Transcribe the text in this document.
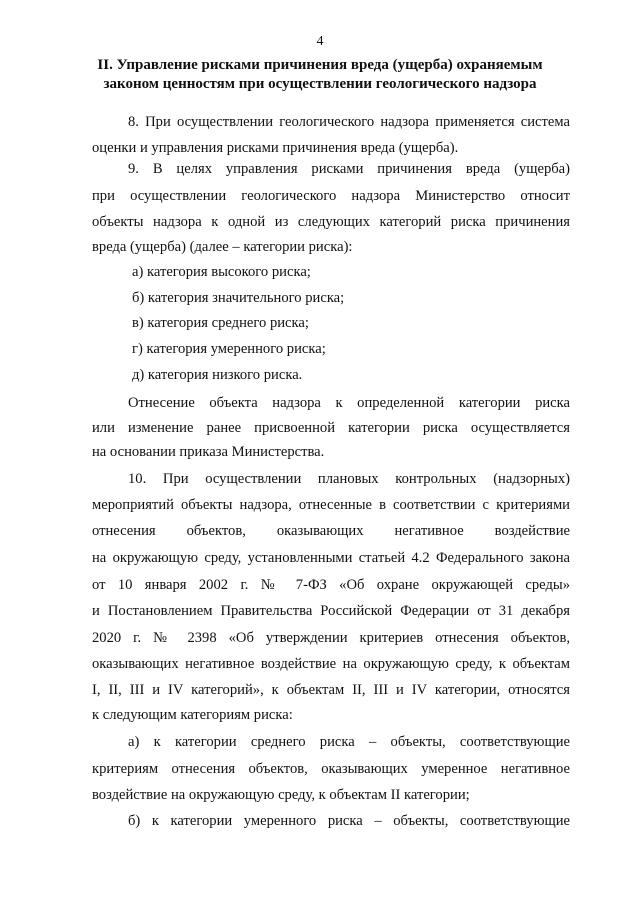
4
II. Управление рисками причинения вреда (ущерба) охраняемым
законом ценностям при осуществлении геологического надзора
8. При осуществлении геологического надзора применяется система
оценки и управления рисками причинения вреда (ущерба).
9. В целях управления рисками причинения вреда (ущерба)
при осуществлении геологического надзора Министерство относит
объекты надзора к одной из следующих категорий риска причинения
вреда (ущерба) (далее – категории риска):
а) категория высокого риска;
б) категория значительного риска;
в) категория среднего риска;
г) категория умеренного риска;
д) категория низкого риска.
Отнесение объекта надзора к определенной категории риска
или изменение ранее присвоенной категории риска осуществляется
на основании приказа Министерства.
10. При осуществлении плановых контрольных (надзорных)
мероприятий объекты надзора, отнесенные в соответствии с критериями
отнесения объектов, оказывающих негативное воздействие
на окружающую среду, установленными статьей 4.2 Федерального закона
от 10 января 2002 г. № 7-ФЗ «Об охране окружающей среды»
и Постановлением Правительства Российской Федерации от 31 декабря
2020 г. № 2398 «Об утверждении критериев отнесения объектов,
оказывающих негативное воздействие на окружающую среду, к объектам
I, II, III и IV категорий», к объектам II, III и IV категории, относятся
к следующим категориям риска:
а) к категории среднего риска – объекты, соответствующие
критериям отнесения объектов, оказывающих умеренное негативное
воздействие на окружающую среду, к объектам II категории;
б) к категории умеренного риска – объекты, соответствующие
